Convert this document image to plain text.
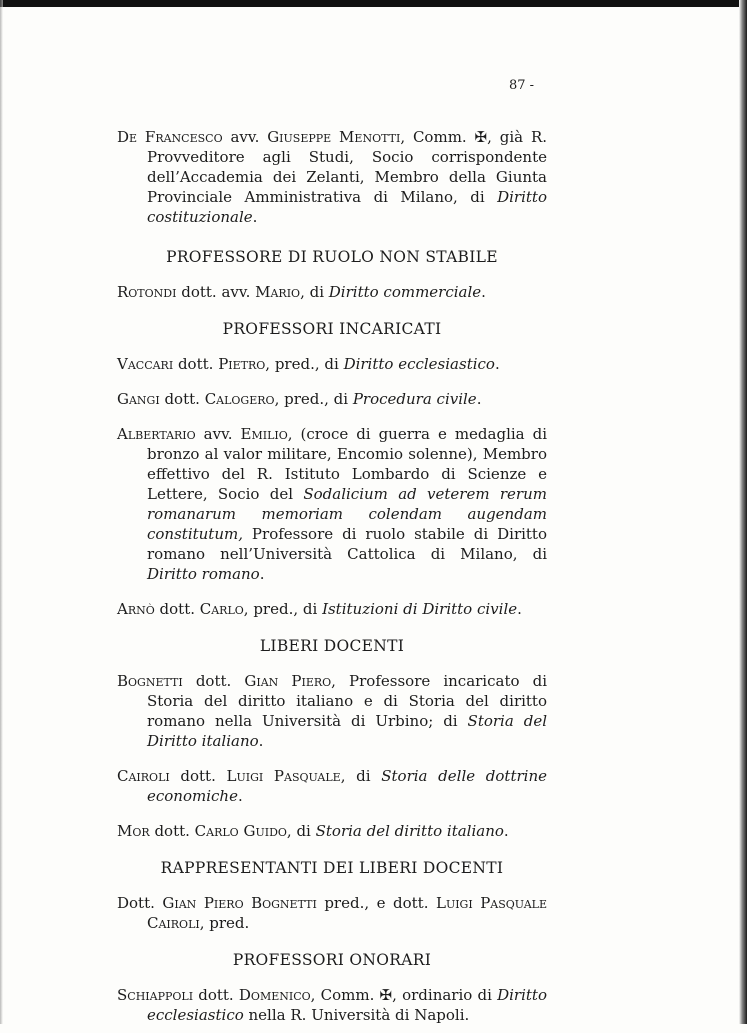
87 -

De Francesco avv. Giuseppe Menotti, Comm. ✠, già R. Provveditore agli Studi, Socio corrispondente dell’Accademia dei Zelanti, Membro della Giunta Provinciale Amministrativa di Milano, di Diritto costituzionale.

PROFESSORE DI RUOLO NON STABILE

Rotondi dott. avv. Mario, di Diritto commerciale.

PROFESSORI INCARICATI

Vaccari dott. Pietro, pred., di Diritto ecclesiastico.

Gangi dott. Calogero, pred., di Procedura civile.

Albertario avv. Emilio, (croce di guerra e medaglia di bronzo al valor militare, Encomio solenne), Membro effettivo del R. Istituto Lombardo di Scienze e Lettere, Socio del Sodalicium ad veterem rerum romanarum memoriam colendam augendam constitutum, Professore di ruolo stabile di Diritto romano nell’Università Cattolica di Milano, di Diritto romano.

Arnò dott. Carlo, pred., di Istituzioni di Diritto civile.

LIBERI DOCENTI

Bognetti dott. Gian Piero, Professore incaricato di Storia del diritto italiano e di Storia del diritto romano nella Università di Urbino; di Storia del Diritto italiano.

Cairoli dott. Luigi Pasquale, di Storia delle dottrine economiche.

Mor dott. Carlo Guido, di Storia del diritto italiano.

RAPPRESENTANTI DEI LIBERI DOCENTI

Dott. Gian Piero Bognetti pred., e dott. Luigi Pasquale Cairoli, pred.

PROFESSORI ONORARI

Schiappoli dott. Domenico, Comm. ✠, ordinario di Diritto ecclesiastico nella R. Università di Napoli.
